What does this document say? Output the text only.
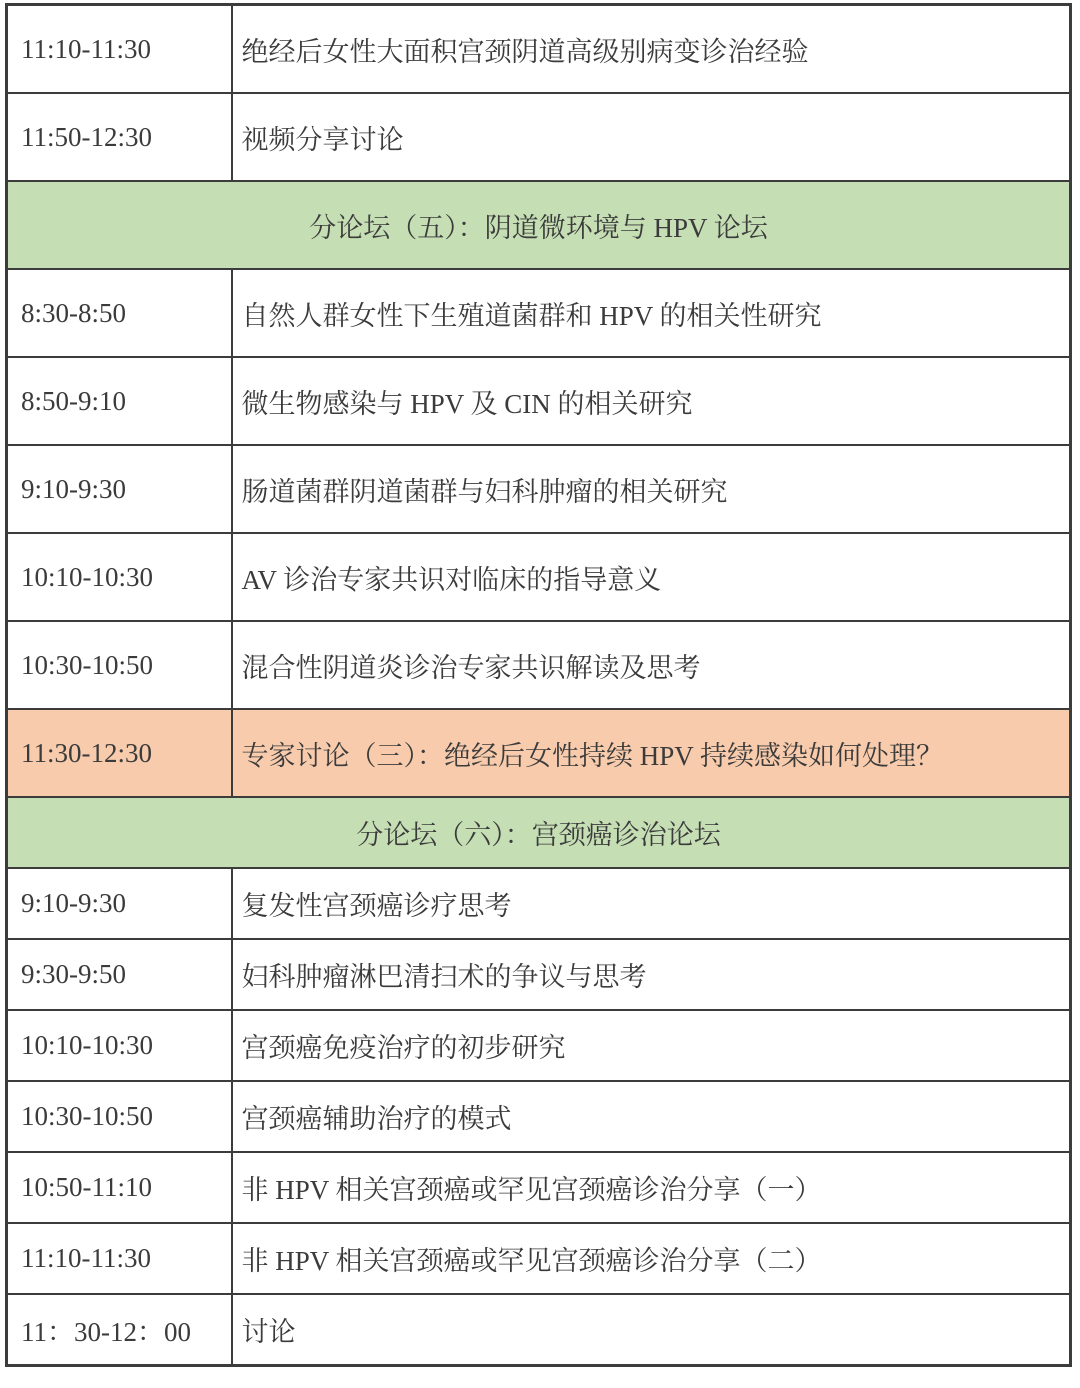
11:10-11:30	绝经后女性大面积宫颈阴道高级别病变诊治经验
11:50-12:30	视频分享讨论
分论坛（五）：阴道微环境与 HPV 论坛	
8:30-8:50	自然人群女性下生殖道菌群和 HPV 的相关性研究
8:50-9:10	微生物感染与 HPV 及 CIN 的相关研究
9:10-9:30	肠道菌群阴道菌群与妇科肿瘤的相关研究
10:10-10:30	AV 诊治专家共识对临床的指导意义
10:30-10:50	混合性阴道炎诊治专家共识解读及思考
11:30-12:30	专家讨论（三）：绝经后女性持续 HPV 持续感染如何处理？
分论坛（六）：宫颈癌诊治论坛	
9:10-9:30	复发性宫颈癌诊疗思考
9:30-9:50	妇科肿瘤淋巴清扫术的争议与思考
10:10-10:30	宫颈癌免疫治疗的初步研究
10:30-10:50	宫颈癌辅助治疗的模式
10:50-11:10	非 HPV 相关宫颈癌或罕见宫颈癌诊治分享（一）
11:10-11:30	非 HPV 相关宫颈癌或罕见宫颈癌诊治分享（二）
11：30-12：00	讨论
